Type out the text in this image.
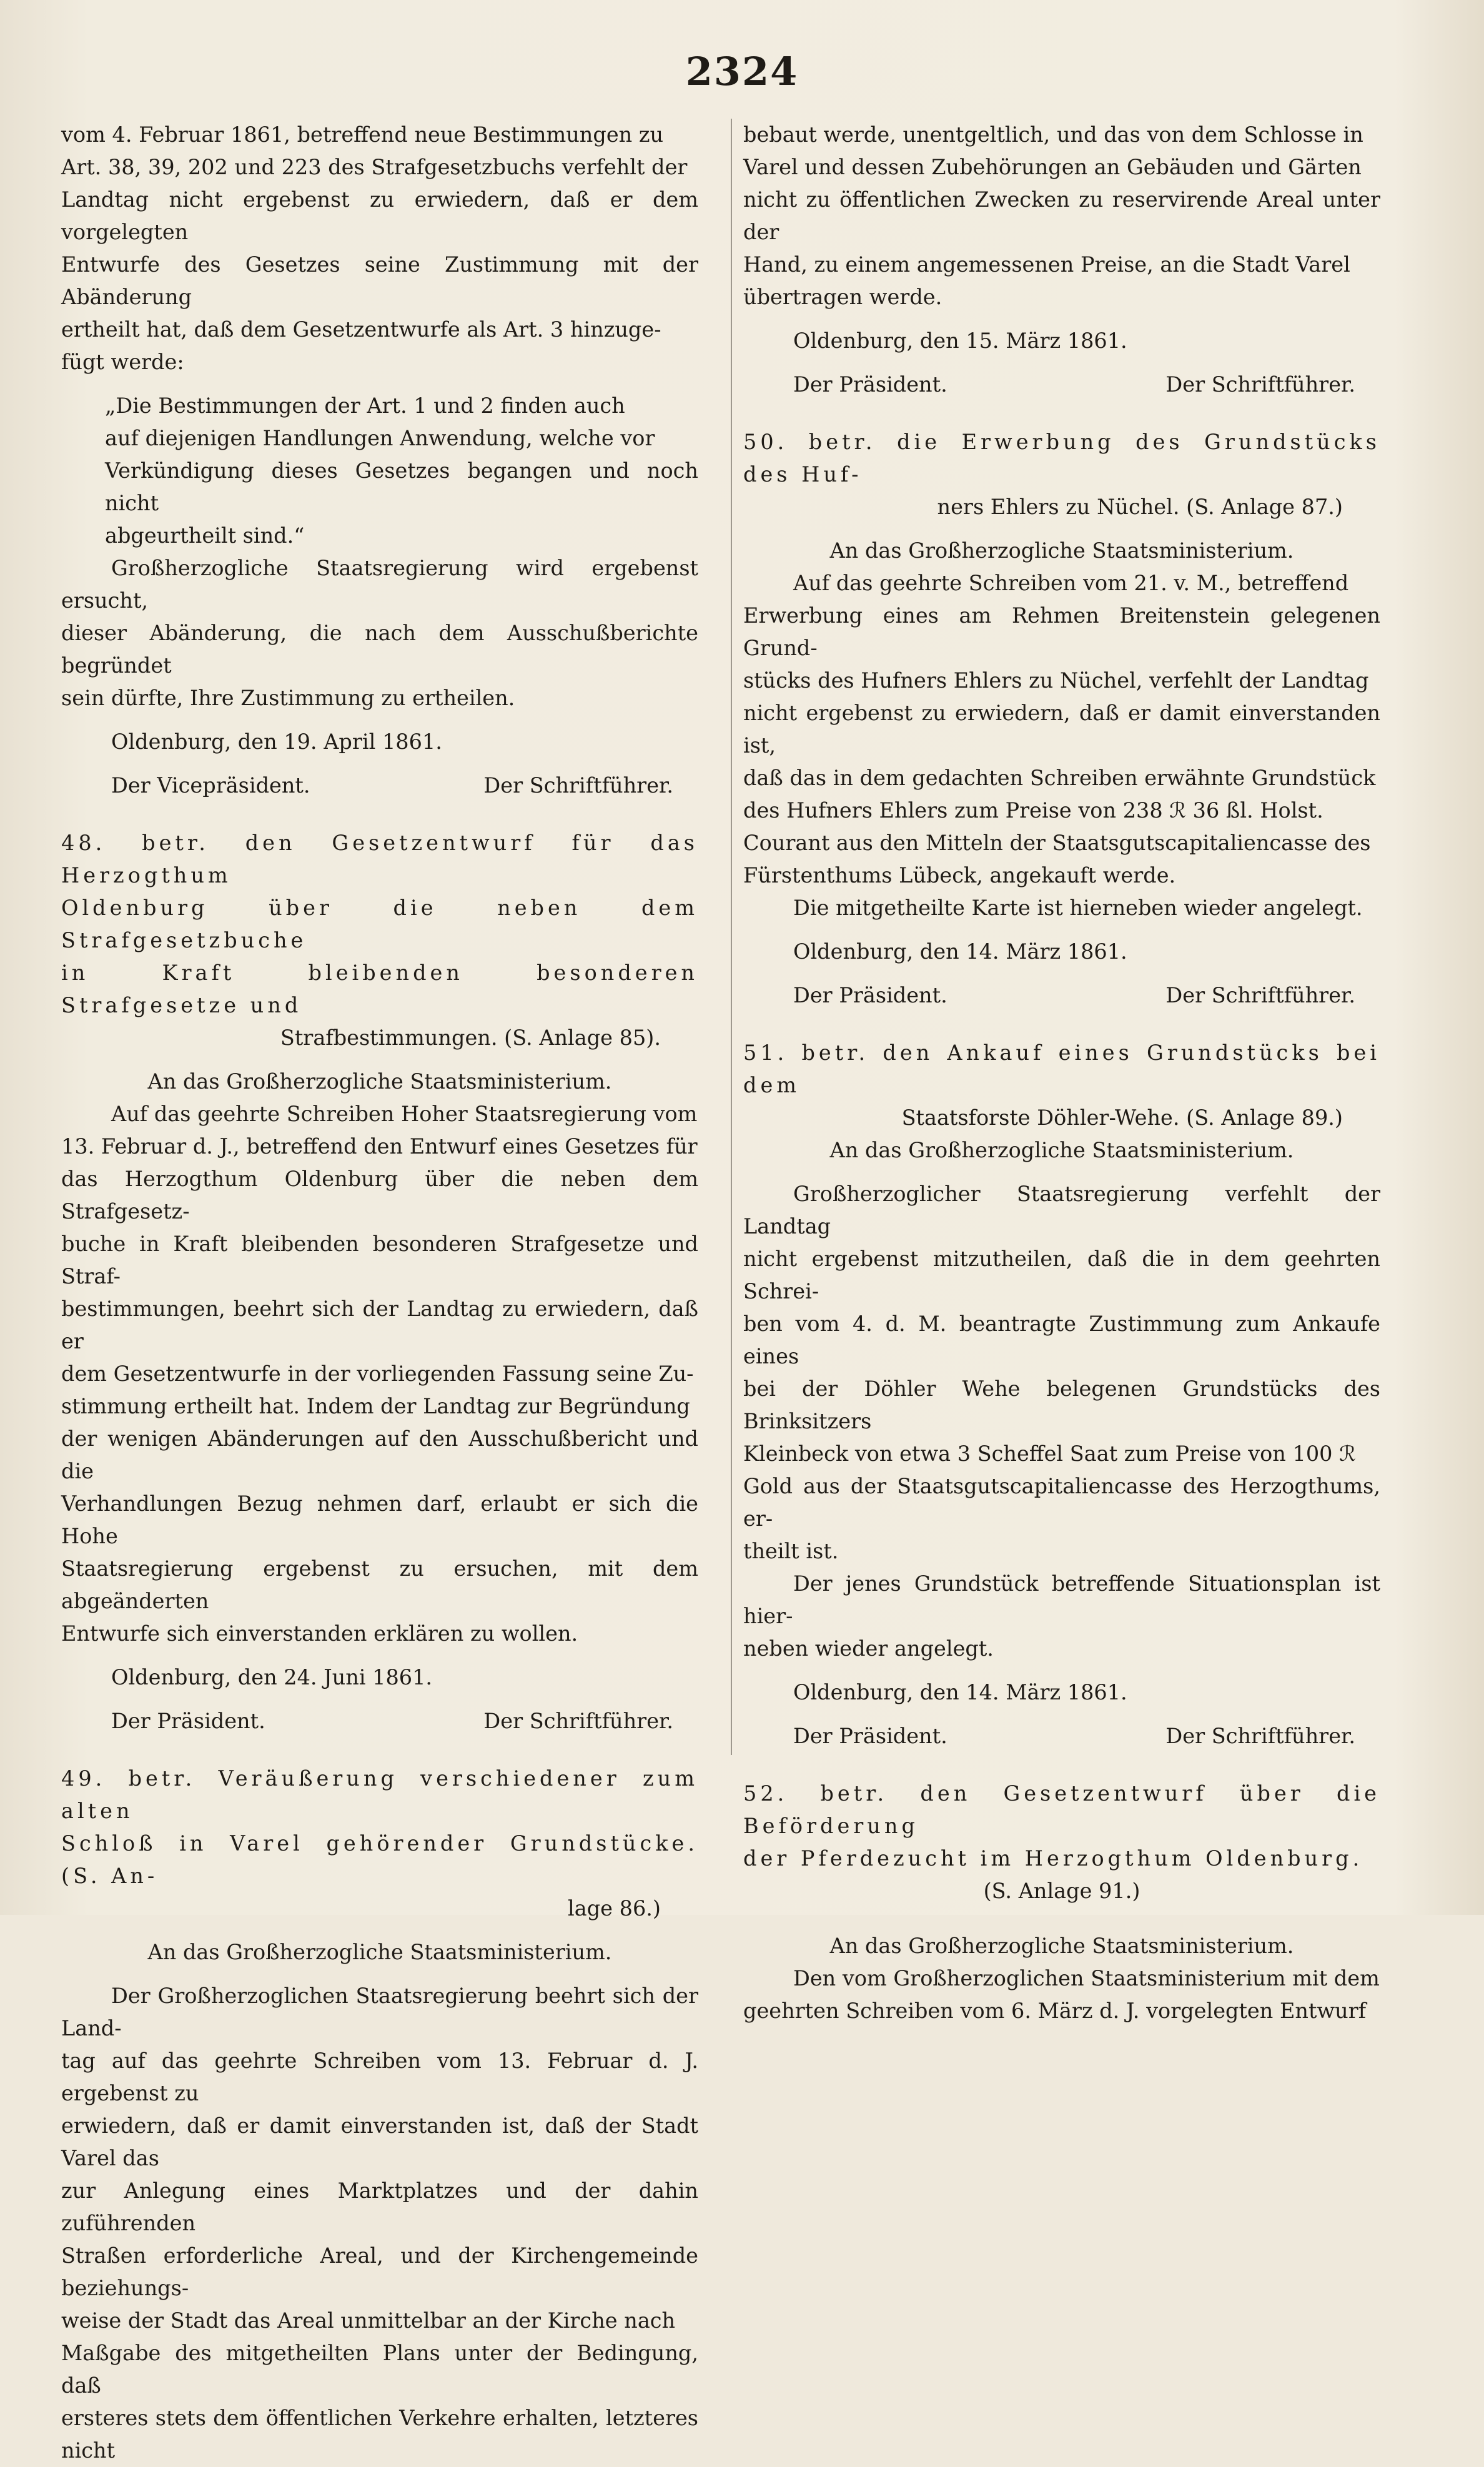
2324

vom 4. Februar 1861, betreffend neue Bestimmungen zu

Art. 38, 39, 202 und 223 des Strafgesetzbuchs verfehlt der

Landtag nicht ergebenst zu erwiedern, daß er dem vorgelegten

Entwurfe des Gesetzes seine Zustimmung mit der Abänderung

ertheilt hat, daß dem Gesetzentwurfe als Art. 3 hinzuge-

fügt werde:

„Die Bestimmungen der Art. 1 und 2 finden auch

auf diejenigen Handlungen Anwendung, welche vor

Verkündigung dieses Gesetzes begangen und noch nicht

abgeurtheilt sind.“

Großherzogliche Staatsregierung wird ergebenst ersucht,

dieser Abänderung, die nach dem Ausschußberichte begründet

sein dürfte, Ihre Zustimmung zu ertheilen.

Oldenburg, den 19. April 1861.

Der Vicepräsident.	Der Schriftführer.

48. betr. den Gesetzentwurf für das Herzogthum

Oldenburg über die neben dem Strafgesetzbuche

in Kraft bleibenden besonderen Strafgesetze und

Strafbestimmungen. (S. Anlage 85).

An das Großherzogliche Staatsministerium.

Auf das geehrte Schreiben Hoher Staatsregierung vom

13. Februar d. J., betreffend den Entwurf eines Gesetzes für

das Herzogthum Oldenburg über die neben dem Strafgesetz-

buche in Kraft bleibenden besonderen Strafgesetze und Straf-

bestimmungen, beehrt sich der Landtag zu erwiedern, daß er

dem Gesetzentwurfe in der vorliegenden Fassung seine Zu-

stimmung ertheilt hat. Indem der Landtag zur Begründung

der wenigen Abänderungen auf den Ausschußbericht und die

Verhandlungen Bezug nehmen darf, erlaubt er sich die Hohe

Staatsregierung ergebenst zu ersuchen, mit dem abgeänderten

Entwurfe sich einverstanden erklären zu wollen.

Oldenburg, den 24. Juni 1861.

Der Präsident.	Der Schriftführer.

49. betr. Veräußerung verschiedener zum alten

Schloß in Varel gehörender Grundstücke. (S. An-

lage 86.)

An das Großherzogliche Staatsministerium.

Der Großherzoglichen Staatsregierung beehrt sich der Land-

tag auf das geehrte Schreiben vom 13. Februar d. J. ergebenst zu

erwiedern, daß er damit einverstanden ist, daß der Stadt Varel das

zur Anlegung eines Marktplatzes und der dahin zuführenden

Straßen erforderliche Areal, und der Kirchengemeinde beziehungs-

weise der Stadt das Areal unmittelbar an der Kirche nach

Maßgabe des mitgetheilten Plans unter der Bedingung, daß

ersteres stets dem öffentlichen Verkehre erhalten, letzteres nicht

bebaut werde, unentgeltlich, und das von dem Schlosse in

Varel und dessen Zubehörungen an Gebäuden und Gärten

nicht zu öffentlichen Zwecken zu reservirende Areal unter der

Hand, zu einem angemessenen Preise, an die Stadt Varel

übertragen werde.

Oldenburg, den 15. März 1861.

Der Präsident.	Der Schriftführer.

50. betr. die Erwerbung des Grundstücks des Huf-

ners Ehlers zu Nüchel. (S. Anlage 87.)

An das Großherzogliche Staatsministerium.

Auf das geehrte Schreiben vom 21. v. M., betreffend

Erwerbung eines am Rehmen Breitenstein gelegenen Grund-

stücks des Hufners Ehlers zu Nüchel, verfehlt der Landtag

nicht ergebenst zu erwiedern, daß er damit einverstanden ist,

daß das in dem gedachten Schreiben erwähnte Grundstück

des Hufners Ehlers zum Preise von 238 ℛ 36 ßl. Holst.

Courant aus den Mitteln der Staatsgutscapitaliencasse des

Fürstenthums Lübeck, angekauft werde.

Die mitgetheilte Karte ist hierneben wieder angelegt.

Oldenburg, den 14. März 1861.

Der Präsident.	Der Schriftführer.

51. betr. den Ankauf eines Grundstücks bei dem

Staatsforste Döhler-Wehe. (S. Anlage 89.)

An das Großherzogliche Staatsministerium.

Großherzoglicher Staatsregierung verfehlt der Landtag

nicht ergebenst mitzutheilen, daß die in dem geehrten Schrei-

ben vom 4. d. M. beantragte Zustimmung zum Ankaufe eines

bei der Döhler Wehe belegenen Grundstücks des Brinksitzers

Kleinbeck von etwa 3 Scheffel Saat zum Preise von 100 ℛ

Gold aus der Staatsgutscapitaliencasse des Herzogthums, er-

theilt ist.

Der jenes Grundstück betreffende Situationsplan ist hier-

neben wieder angelegt.

Oldenburg, den 14. März 1861.

Der Präsident.	Der Schriftführer.

52. betr. den Gesetzentwurf über die Beförderung

der Pferdezucht im Herzogthum Oldenburg.

(S. Anlage 91.)

An das Großherzogliche Staatsministerium.

Den vom Großherzoglichen Staatsministerium mit dem

geehrten Schreiben vom 6. März d. J. vorgelegten Entwurf
